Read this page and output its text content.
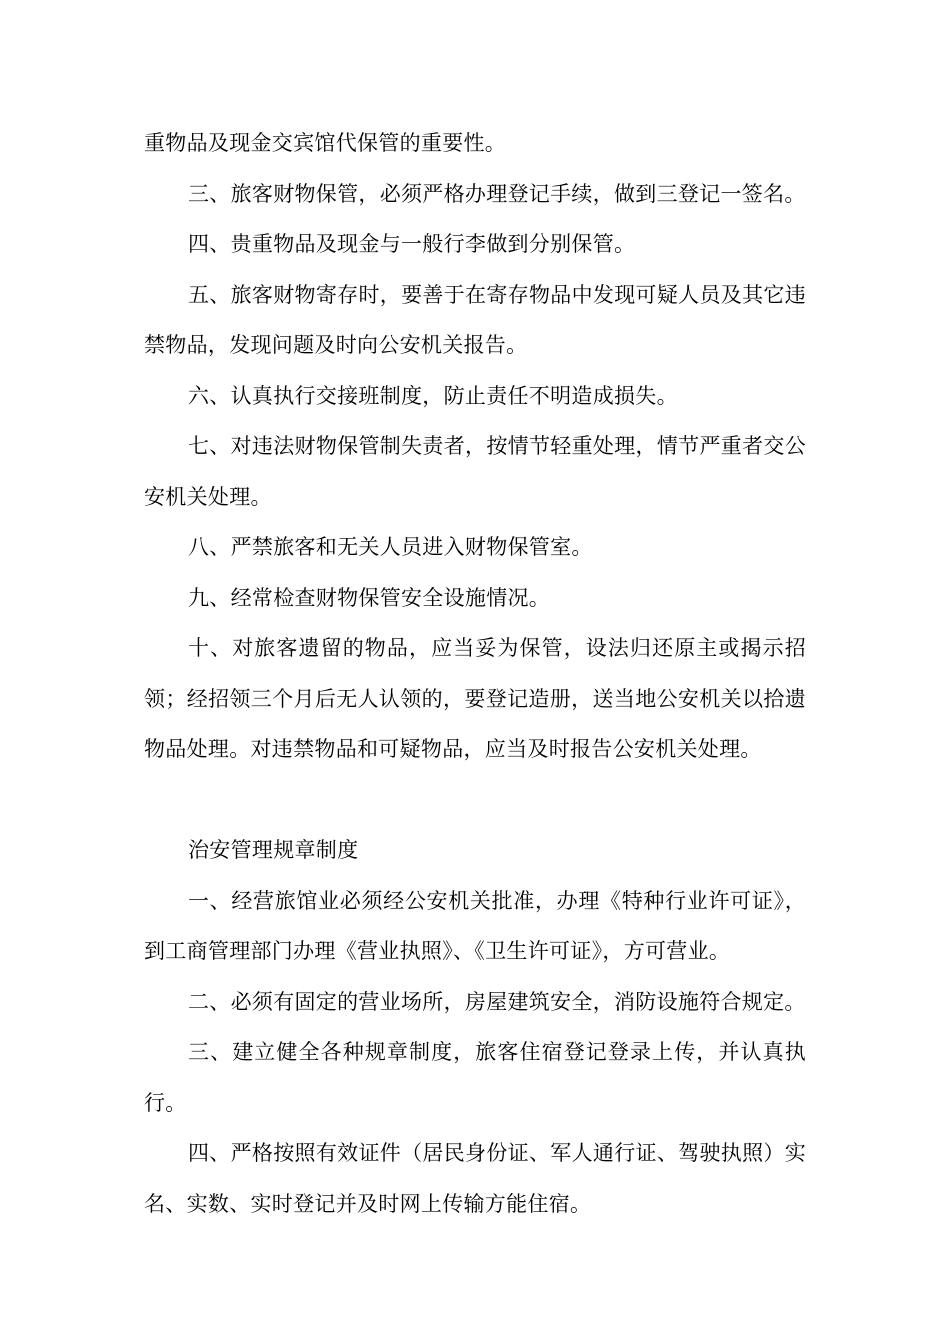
重物品及现金交宾馆代保管的重要性。

三、旅客财物保管，必须严格办理登记手续，做到三登记一签名。

四、贵重物品及现金与一般行李做到分别保管。

五、旅客财物寄存时，要善于在寄存物品中发现可疑人员及其它违禁物品，发现问题及时向公安机关报告。

六、认真执行交接班制度，防止责任不明造成损失。

七、对违法财物保管制失责者，按情节轻重处理，情节严重者交公安机关处理。

八、严禁旅客和无关人员进入财物保管室。

九、经常检查财物保管安全设施情况。

十、对旅客遗留的物品，应当妥为保管，设法归还原主或揭示招领；经招领三个月后无人认领的，要登记造册，送当地公安机关以拾遗物品处理。对违禁物品和可疑物品，应当及时报告公安机关处理。

治安管理规章制度

一、经营旅馆业必须经公安机关批准，办理《特种行业许可证》，到工商管理部门办理《营业执照》、《卫生许可证》，方可营业。

二、必须有固定的营业场所，房屋建筑安全，消防设施符合规定。

三、建立健全各种规章制度，旅客住宿登记登录上传，并认真执行。

四、严格按照有效证件（居民身份证、军人通行证、驾驶执照）实名、实数、实时登记并及时网上传输方能住宿。
